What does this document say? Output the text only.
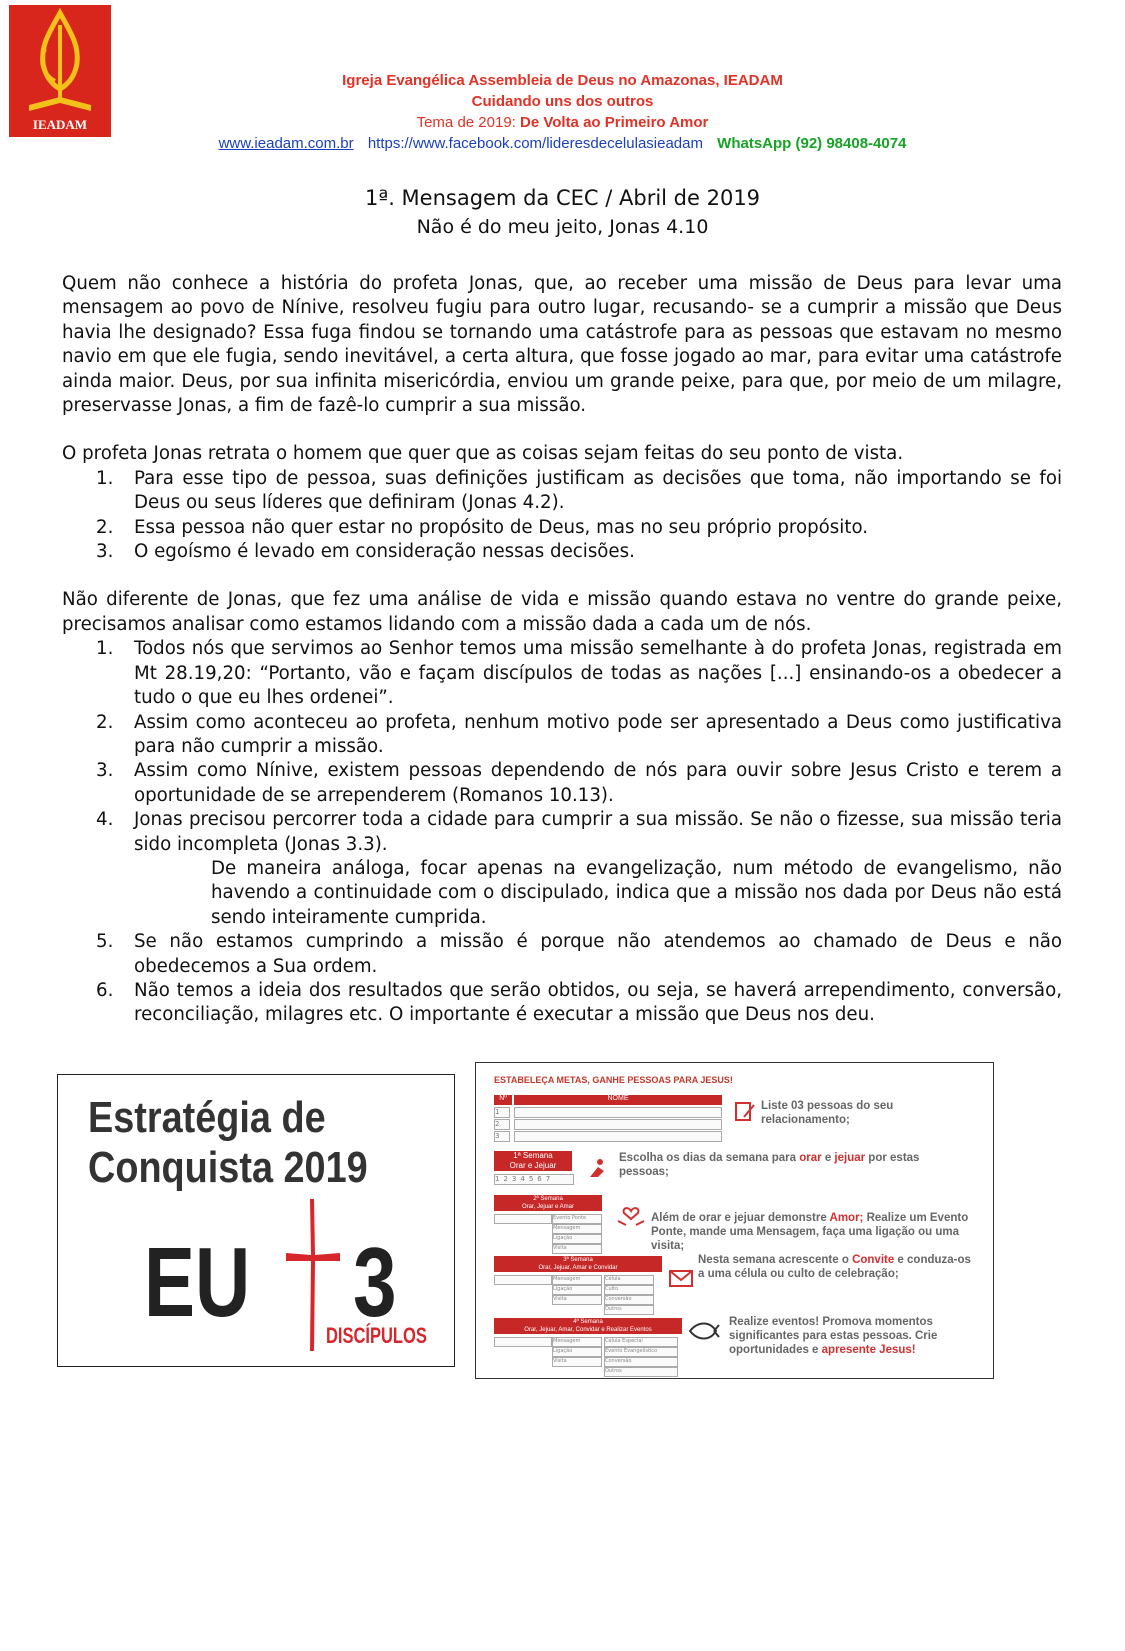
IEADAM
Igreja Evangélica Assembleia de Deus no Amazonas, IEADAM
Cuidando uns dos outros
Tema de 2019: De Volta ao Primeiro Amor
www.ieadam.com.br https://www.facebook.com/lideresdecelulasieadam WhatsApp (92) 98408-4074
1ª. Mensagem da CEC / Abril de 2019
Não é do meu jeito, Jonas 4.10

Quem não conhece a história do profeta Jonas, que, ao receber uma missão de Deus para levar uma mensagem ao povo de Nínive, resolveu fugiu para outro lugar, recusando- se a cumprir a missão que Deus havia lhe designado? Essa fuga findou se tornando uma catástrofe para as pessoas que estavam no mesmo navio em que ele fugia, sendo inevitável, a certa altura, que fosse jogado ao mar, para evitar uma catástrofe ainda maior. Deus, por sua infinita misericórdia, enviou um grande peixe, para que, por meio de um milagre, preservasse Jonas, a fim de fazê-lo cumprir a sua missão.

O profeta Jonas retrata o homem que quer que as coisas sejam feitas do seu ponto de vista.

1. Para esse tipo de pessoa, suas definições justificam as decisões que toma, não importando se foi Deus ou seus líderes que definiram (Jonas 4.2).
2. Essa pessoa não quer estar no propósito de Deus, mas no seu próprio propósito.
3. O egoísmo é levado em consideração nessas decisões.

Não diferente de Jonas, que fez uma análise de vida e missão quando estava no ventre do grande peixe, precisamos analisar como estamos lidando com a missão dada a cada um de nós.

1. Todos nós que servimos ao Senhor temos uma missão semelhante à do profeta Jonas, registrada em Mt 28.19,20: “Portanto, vão e façam discípulos de todas as nações [...] ensinando-os a obedecer a tudo o que eu lhes ordenei”.
2. Assim como aconteceu ao profeta, nenhum motivo pode ser apresentado a Deus como justificativa para não cumprir a missão.
3. Assim como Nínive, existem pessoas dependendo de nós para ouvir sobre Jesus Cristo e terem a oportunidade de se arrependerem (Romanos 10.13).
4. Jonas precisou percorrer toda a cidade para cumprir a sua missão. Se não o fizesse, sua missão teria sido incompleta (Jonas 3.3).
De maneira análoga, focar apenas na evangelização, num método de evangelismo, não havendo a continuidade com o discipulado, indica que a missão nos dada por Deus não está sendo inteiramente cumprida.
5. Se não estamos cumprindo a missão é porque não atendemos ao chamado de Deus e não obedecemos a Sua ordem.
6. Não temos a ideia dos resultados que serão obtidos, ou seja, se haverá arrependimento, conversão, reconciliação, milagres etc. O importante é executar a missão que Deus nos deu.
Estratégia de
Conquista 2019
EU 3
DISCÍPULOS
ESTABELEÇA METAS, GANHE PESSOAS PARA JESUS!
Nº	NOME
1
2
3
Liste 03 pessoas do seu relacionamento;
1ª Semana
Orar e Jejuar
1234567
Escolha os dias da semana para orar e jejuar por estas pessoas;
2ª Semana
Orar, Jejuar e Amar
Evento Ponte
Mensagem
Ligação
Visita
Além de orar e jejuar demonstre Amor; Realize um Evento Ponte, mande uma Mensagem, faça uma ligação ou uma visita;
3ª Semana
Orar, Jejuar, Amar e Convidar
Mensagem
Ligação
Visita
Célula
Culto
Conversão
Outros
Nesta semana acrescente o Convite e conduza-os a uma célula ou culto de celebração;
4ª Semana
Orar, Jejuar, Amar, Convidar e Realizar Eventos
Mensagem
Ligação
Visita
Célula Especial
Evento Evangelístico
Conversão
Outros
Realize eventos! Promova momentos significantes para estas pessoas. Crie oportunidades e apresente Jesus!
